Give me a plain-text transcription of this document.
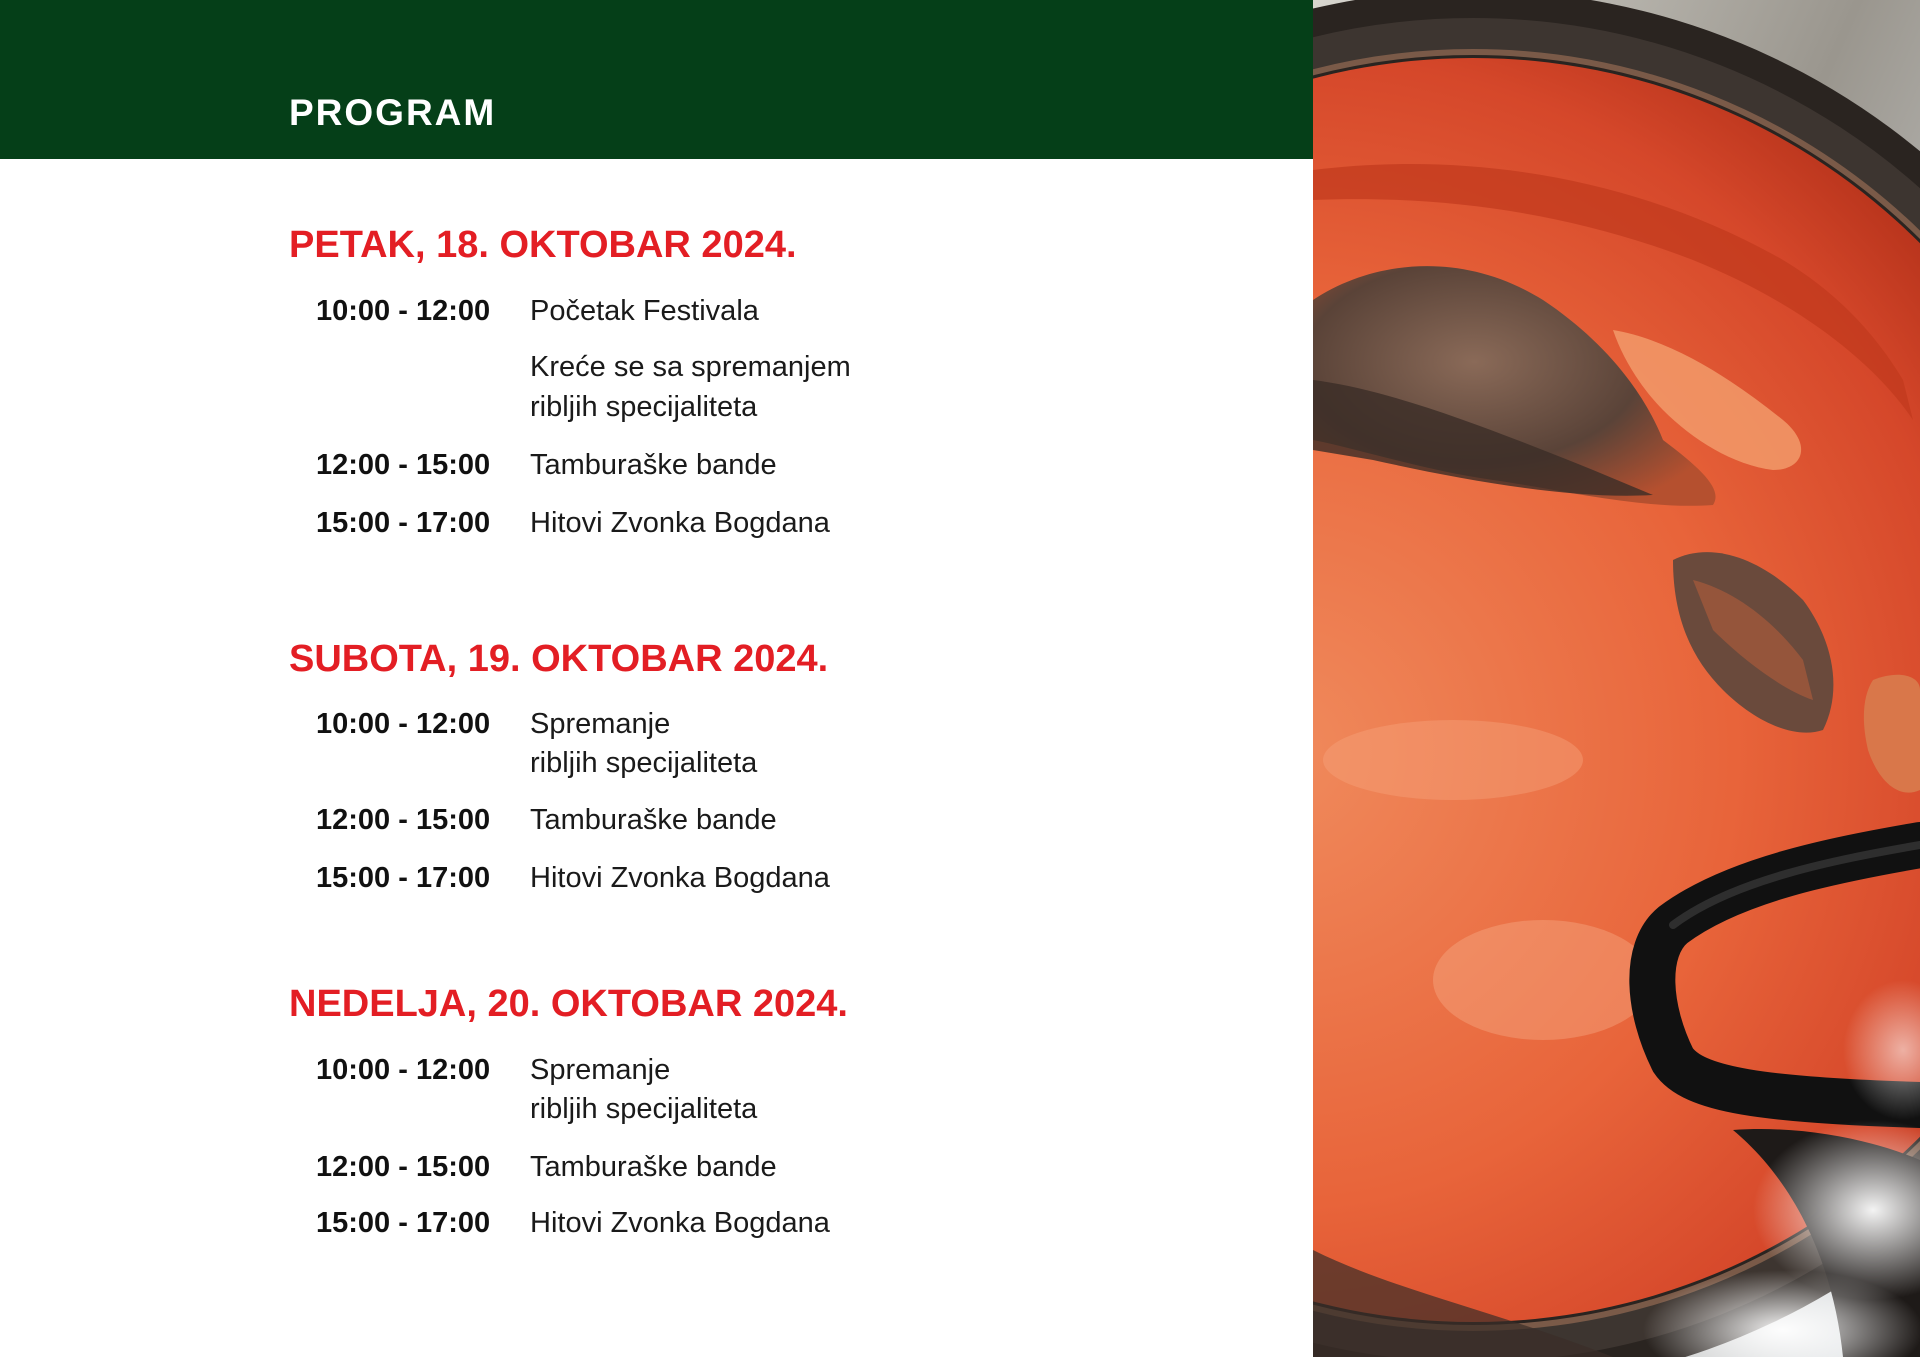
PROGRAM
PETAK, 18. OKTOBAR 2024.
10:00 - 12:00 Početak Festivala
Kreće se sa spremanjem
ribljih specijaliteta
12:00 - 15:00 Tamburaške bande
15:00 - 17:00 Hitovi Zvonka Bogdana
SUBOTA, 19. OKTOBAR 2024.
10:00 - 12:00 Spremanje
ribljih specijaliteta
12:00 - 15:00 Tamburaške bande
15:00 - 17:00 Hitovi Zvonka Bogdana
NEDELJA, 20. OKTOBAR 2024.
10:00 - 12:00 Spremanje
ribljih specijaliteta
12:00 - 15:00 Tamburaške bande
15:00 - 17:00 Hitovi Zvonka Bogdana
